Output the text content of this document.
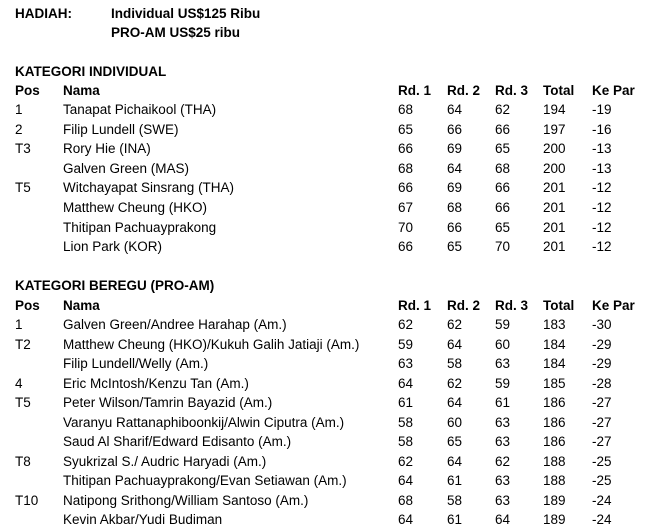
HADIAH:	Individual US$125 Ribu
PRO-AM US$25 ribu
KATEGORI INDIVIDUAL
Pos Nama	Rd. 1 Rd. 2 Rd. 3 Total Ke Par
1	Tanapat Pichaikool (THA)	68	64 62 194 -19
2	Filip Lundell (SWE)	65	66 66 197 -16
T3 Rory Hie (INA)	66	69 65 200 -13
Galven Green (MAS)	68	64 68 200 -13
T5 Witchayapat Sinsrang (THA)	66	69 66 201 -12
Matthew Cheung (HKO)	67	68 66 201 -12
Thitipan Pachuayprakong	70	66 65 201 -12
Lion Park (KOR)	66	65 70 201 -12
KATEGORI BEREGU (PRO-AM)
Pos Nama	Rd. 1 Rd. 2 Rd. 3 Total Ke Par
1	Galven Green/Andree Harahap (Am.)	62	62 59 183 -30
T2 Matthew Cheung (HKO)/Kukuh Galih Jatiaji (Am.)	59	64 60 184 -29
Filip Lundell/Welly (Am.)	63	58 63 184 -29
4	Eric McIntosh/Kenzu Tan (Am.)	64	62 59 185 -28
T5 Peter Wilson/Tamrin Bayazid (Am.)	61	64 61 186 -27
Varanyu Rattanaphiboonkij/Alwin Ciputra (Am.)	58	60 63 186 -27
Saud Al Sharif/Edward Edisanto (Am.)	58	65 63 186 -27
T8 Syukrizal S./ Audric Haryadi (Am.)	62	64 62 188 -25
Thitipan Pachuayprakong/Evan Setiawan (Am.)	64	61 63 188 -25
T10 Natipong Srithong/William Santoso (Am.)	68	58 63 189 -24
Kevin Akbar/Yudi Budiman	64	61 64 189 -24
